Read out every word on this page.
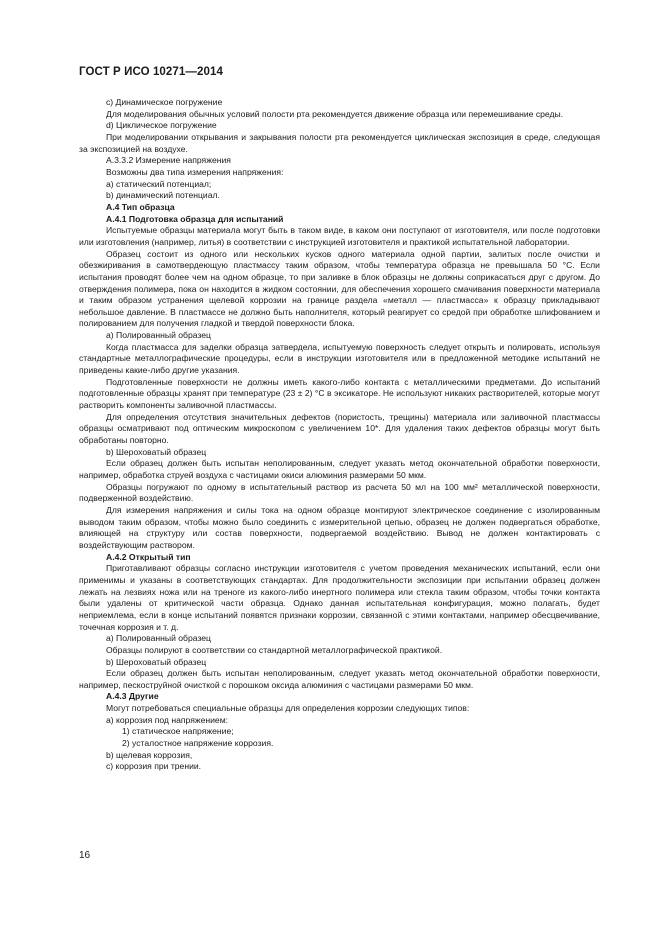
ГОСТ Р ИСО 10271—2014

c) Динамическое погружение

Для моделирования обычных условий полости рта рекомендуется движение образца или перемешивание среды.

d) Циклическое погружение

При моделировании открывания и закрывания полости рта рекомендуется циклическая экспозиция в среде, следующая за экспозицией на воздухе.

А.3.3.2 Измерение напряжения

Возможны два типа измерения напряжения:

a) статический потенциал;

b) динамический потенциал.

А.4 Тип образца

А.4.1 Подготовка образца для испытаний

Испытуемые образцы материала могут быть в таком виде, в каком они поступают от изготовителя, или после подготовки или изготовления (например, литья) в соответствии с инструкцией изготовителя и практикой испытательной лаборатории.

Образец состоит из одного или нескольких кусков одного материала одной партии, залитых после очистки и обезжиривания в самотвердеющую пластмассу таким образом, чтобы температура образца не превышала 50 °С. Если испытания проводят более чем на одном образце, то при заливке в блок образцы не должны соприкасаться друг с другом. До отверждения полимера, пока он находится в жидком состоянии, для обеспечения хорошего смачивания поверхности материала и таким образом устранения щелевой коррозии на границе раздела «металл — пластмасса» к образцу прикладывают небольшое давление. В пластмассе не должно быть наполнителя, который реагирует со средой при обработке шлифованием и полированием для получения гладкой и твердой поверхности блока.

a) Полированный образец

Когда пластмасса для заделки образца затвердела, испытуемую поверхность следует открыть и полировать, используя стандартные металлографические процедуры, если в инструкции изготовителя или в предложенной методике испытаний не приведены какие-либо другие указания.

Подготовленные поверхности не должны иметь какого-либо контакта с металлическими предметами. До испытаний подготовленные образцы хранят при температуре (23 ± 2) °С в эксикаторе. Не используют никаких растворителей, которые могут растворить компоненты заливочной пластмассы.

Для определения отсутствия значительных дефектов (пористость, трещины) материала или заливочной пластмассы образцы осматривают под оптическим микроскопом с увеличением 10*. Для удаления таких дефектов образцы могут быть обработаны повторно.

b) Шероховатый образец

Если образец должен быть испытан неполированным, следует указать метод окончательной обработки поверхности, например, обработка струей воздуха с частицами окиси алюминия размерами 50 мкм.

Образцы погружают по одному в испытательный раствор из расчета 50 мл на 100 мм² металлической поверхности, подверженной воздействию.

Для измерения напряжения и силы тока на одном образце монтируют электрическое соединение с изолированным выводом таким образом, чтобы можно было соединить с измерительной цепью, образец не должен подвергаться обработке, влияющей на структуру или состав поверхности, подвергаемой воздействию. Вывод не должен контактировать с воздействующим раствором.

А.4.2 Открытый тип

Приготавливают образцы согласно инструкции изготовителя с учетом проведения механических испытаний, если они применимы и указаны в соответствующих стандартах. Для продолжительности экспозиции при испытании образец должен лежать на лезвиях ножа или на треноге из какого-либо инертного полимера или стекла таким образом, чтобы точки контакта были удалены от критической части образца. Однако данная испытательная конфигурация, можно полагать, будет неприемлема, если в конце испытаний появятся признаки коррозии, связанной с этими контактами, например обесцвечивание, точечная коррозия и т. д.

a) Полированный образец

Образцы полируют в соответствии со стандартной металлографической практикой.

b) Шероховатый образец

Если образец должен быть испытан неполированным, следует указать метод окончательной обработки поверхности, например, пескоструйной очисткой с порошком оксида алюминия с частицами размерами 50 мкм.

А.4.3 Другие

Могут потребоваться специальные образцы для определения коррозии следующих типов:

a) коррозия под напряжением:

1) статическое напряжение;

2) усталостное напряжение коррозия.

b) щелевая коррозия,

c) коррозия при трении.

16
